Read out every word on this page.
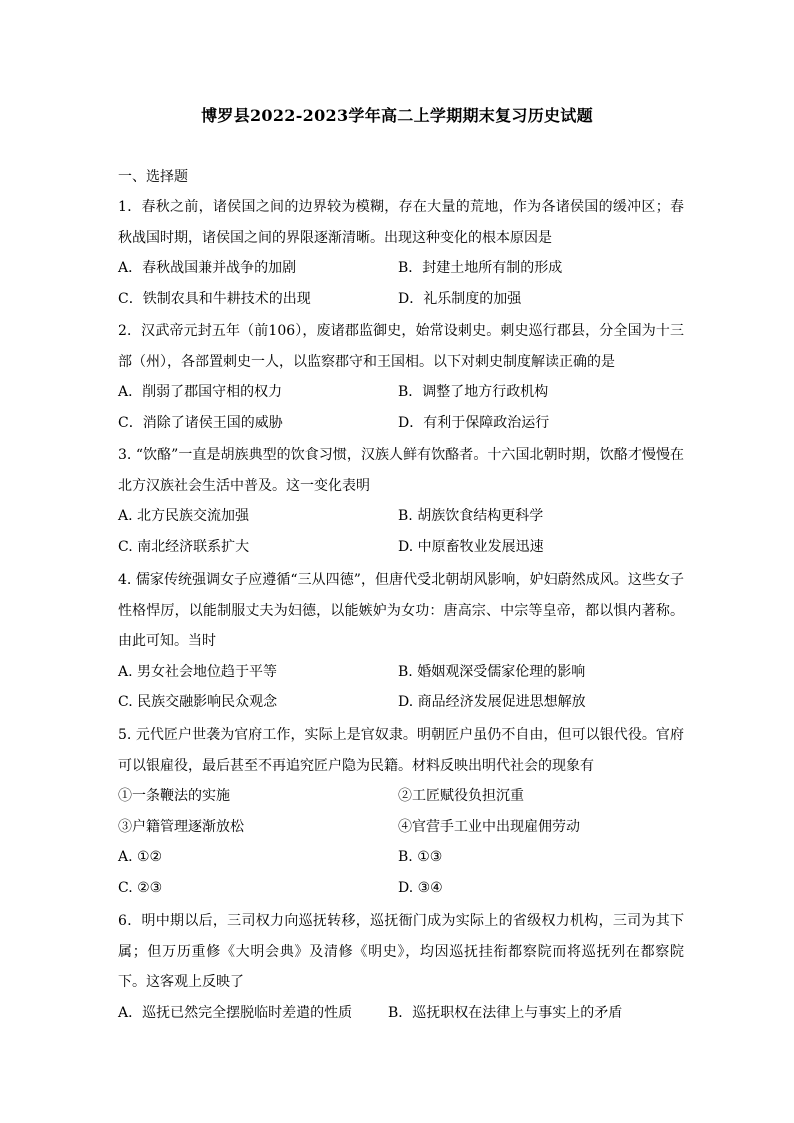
博罗县2022-2023学年高二上学期期末复习历史试题
一、选择题
1．春秋之前，诸侯国之间的边界较为模糊，存在大量的荒地，作为各诸侯国的缓冲区；春秋战国时期，诸侯国之间的界限逐渐清晰。出现这种变化的根本原因是
A．春秋战国兼并战争的加剧	B．封建土地所有制的形成
C．铁制农具和牛耕技术的出现	D．礼乐制度的加强
2．汉武帝元封五年（前106），废诸郡监御史，始常设刺史。刺史巡行郡县，分全国为十三部（州），各部置刺史一人，以监察郡守和王国相。以下对刺史制度解读正确的是
A．削弱了郡国守相的权力	B．调整了地方行政机构
C．消除了诸侯王国的威胁	D．有利于保障政治运行
3. “饮酪”一直是胡族典型的饮食习惯，汉族人鲜有饮酪者。十六国北朝时期，饮酪才慢慢在北方汉族社会生活中普及。这一变化表明
A. 北方民族交流加强	B. 胡族饮食结构更科学
C. 南北经济联系扩大	D. 中原畜牧业发展迅速
4. 儒家传统强调女子应遵循“三从四德”，但唐代受北朝胡风影响，妒妇蔚然成风。这些女子性格悍厉，以能制服丈夫为妇德，以能嫉妒为女功：唐高宗、中宗等皇帝，都以惧内著称。由此可知。当时
A. 男女社会地位趋于平等	B. 婚姻观深受儒家伦理的影响
C. 民族交融影响民众观念	D. 商品经济发展促进思想解放
5. 元代匠户世袭为官府工作，实际上是官奴隶。明朝匠户虽仍不自由，但可以银代役。官府可以银雇役，最后甚至不再追究匠户隐为民籍。材料反映出明代社会的现象有
①一条鞭法的实施	②工匠赋役负担沉重
③户籍管理逐渐放松	④官营手工业中出现雇佣劳动
A. ①②	B. ①③
C. ②③	D. ③④
6．明中期以后，三司权力向巡抚转移，巡抚衙门成为实际上的省级权力机构，三司为其下属；但万历重修《大明会典》及清修《明史》，均因巡抚挂衔都察院而将巡抚列在都察院下。这客观上反映了
A．巡抚已然完全摆脱临时差遣的性质	B．巡抚职权在法律上与事实上的矛盾
